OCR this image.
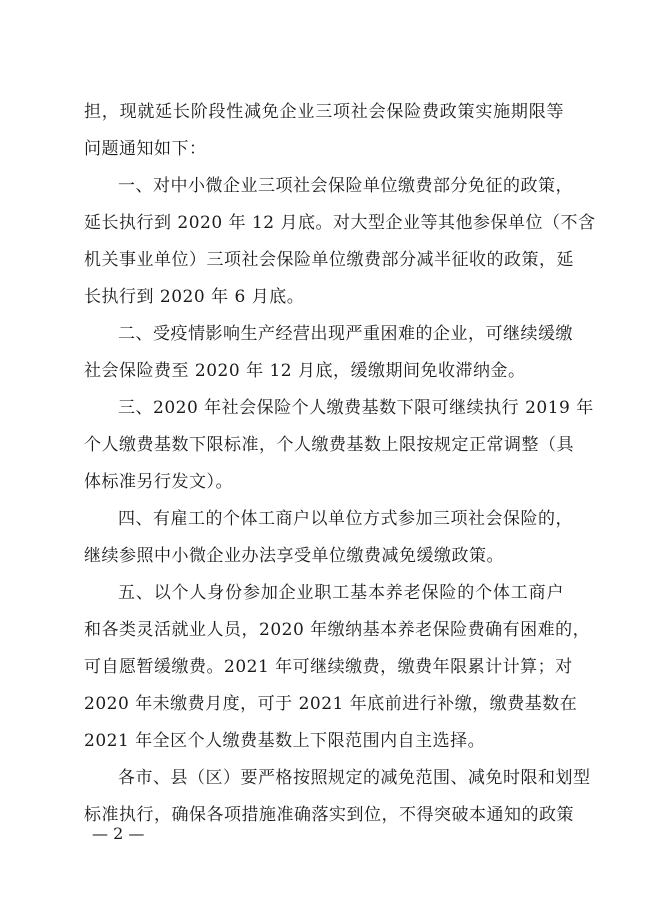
担，现就延长阶段性减免企业三项社会保险费政策实施期限等
问题通知如下：
一、对中小微企业三项社会保险单位缴费部分免征的政策，
延长执行到 2020 年 12 月底。对大型企业等其他参保单位（不含
机关事业单位）三项社会保险单位缴费部分减半征收的政策，延
长执行到 2020 年 6 月底。
二、受疫情影响生产经营出现严重困难的企业，可继续缓缴
社会保险费至 2020 年 12 月底，缓缴期间免收滞纳金。
三、2020 年社会保险个人缴费基数下限可继续执行 2019 年
个人缴费基数下限标准，个人缴费基数上限按规定正常调整（具
体标准另行发文）。
四、有雇工的个体工商户以单位方式参加三项社会保险的，
继续参照中小微企业办法享受单位缴费减免缓缴政策。
五、以个人身份参加企业职工基本养老保险的个体工商户
和各类灵活就业人员，2020 年缴纳基本养老保险费确有困难的，
可自愿暂缓缴费。2021 年可继续缴费，缴费年限累计计算；对
2020 年未缴费月度，可于 2021 年底前进行补缴，缴费基数在
2021 年全区个人缴费基数上下限范围内自主选择。
各市、县（区）要严格按照规定的减免范围、减免时限和划型
标准执行，确保各项措施准确落实到位，不得突破本通知的政策
— 2 —
